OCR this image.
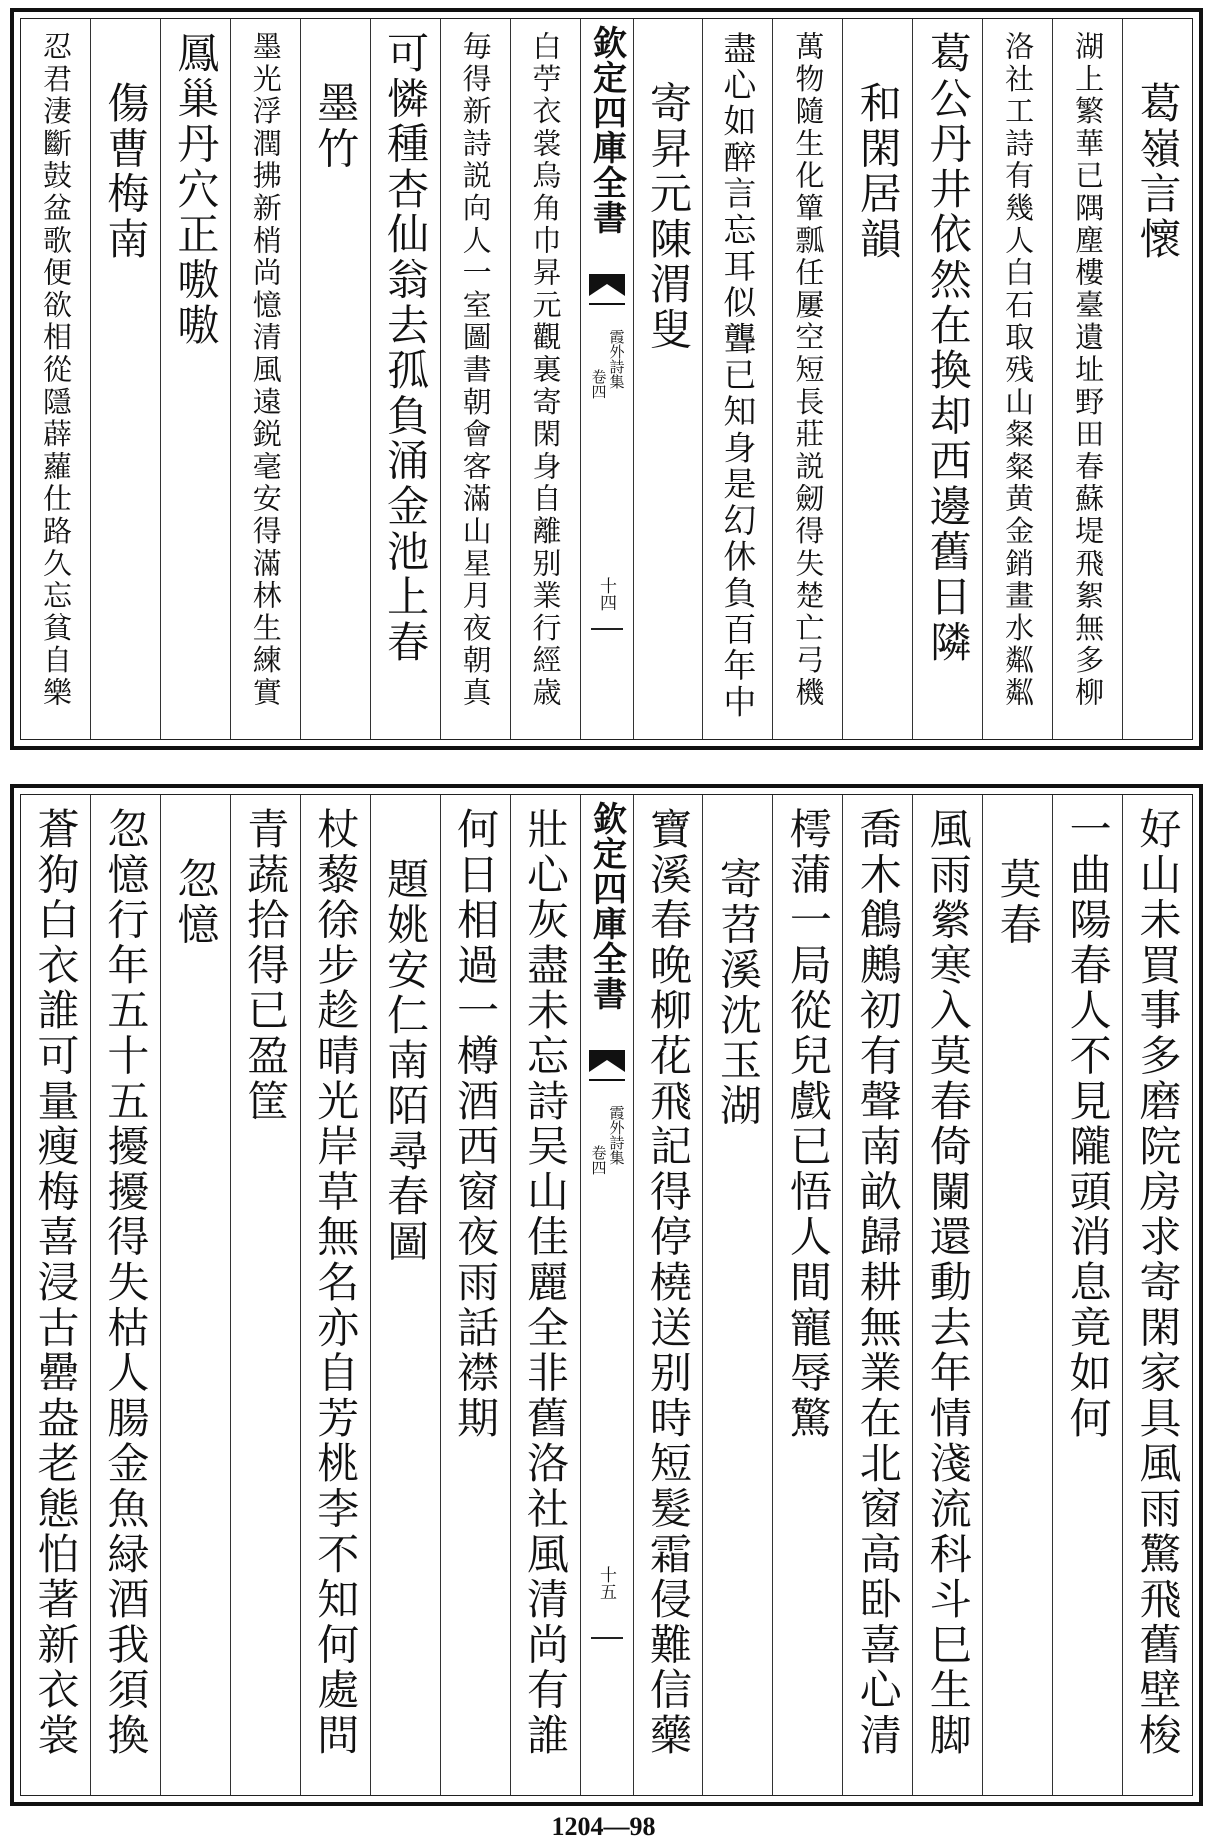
葛嶺言懷
湖上繁華已隅塵樓臺遺址野田春蘇堤飛絮無多柳
洛社工詩有幾人白石取残山粲粲黄金銷畫水粼粼
葛公丹井依然在換却西邊舊日隣
和閑居韻
萬物隨生化簞瓢任屢空短長莊説劒得失楚亡弓機
盡心如醉言忘耳似聾已知身是幻休負百年中
寄昇元陳渭叟
欽定四庫全書
霞外詩集
卷四
十四
白苧衣裳烏角巾昇元觀裏寄閑身自離别業行經歳
毎得新詩説向人一室圖書朝會客滿山星月夜朝真
可憐種杏仙翁去孤負涌金池上春
墨竹
墨光浮潤拂新梢尚憶清風遠鋭毫安得滿林生練實
鳳巢丹穴正嗷嗷
傷曹梅南
忍君淒斷鼓盆歌便欲相從隱薜蘿仕路久忘貧自樂
好山未買事多磨院房求寄閑家具風雨驚飛舊壁梭
一曲陽春人不見隴頭消息竟如何
莫春
風雨縈寒入莫春倚闌還動去年情淺流科斗巳生脚
喬木鶬鶊初有聲南畝歸耕無業在北窗高卧喜心清
樗蒲一局從兒戲已悟人間寵辱驚
寄苕溪沈玉湖
寶溪春晚柳花飛記得停橈送别時短髮霜侵難信藥
欽定四庫全書
霞外詩集
卷四
十五
壯心灰盡未忘詩吴山佳麗全非舊洛社風清尚有誰
何日相過一樽酒西窗夜雨話襟期
題姚安仁南陌尋春圖
杖藜徐步趁晴光岸草無名亦自芳桃李不知何處問
青蔬拾得已盈筐
忽憶
忽憶行年五十五擾擾得失枯人腸金魚緑酒我須換
蒼狗白衣誰可量瘦梅喜浸古罍盎老態怕著新衣裳
1204—98
